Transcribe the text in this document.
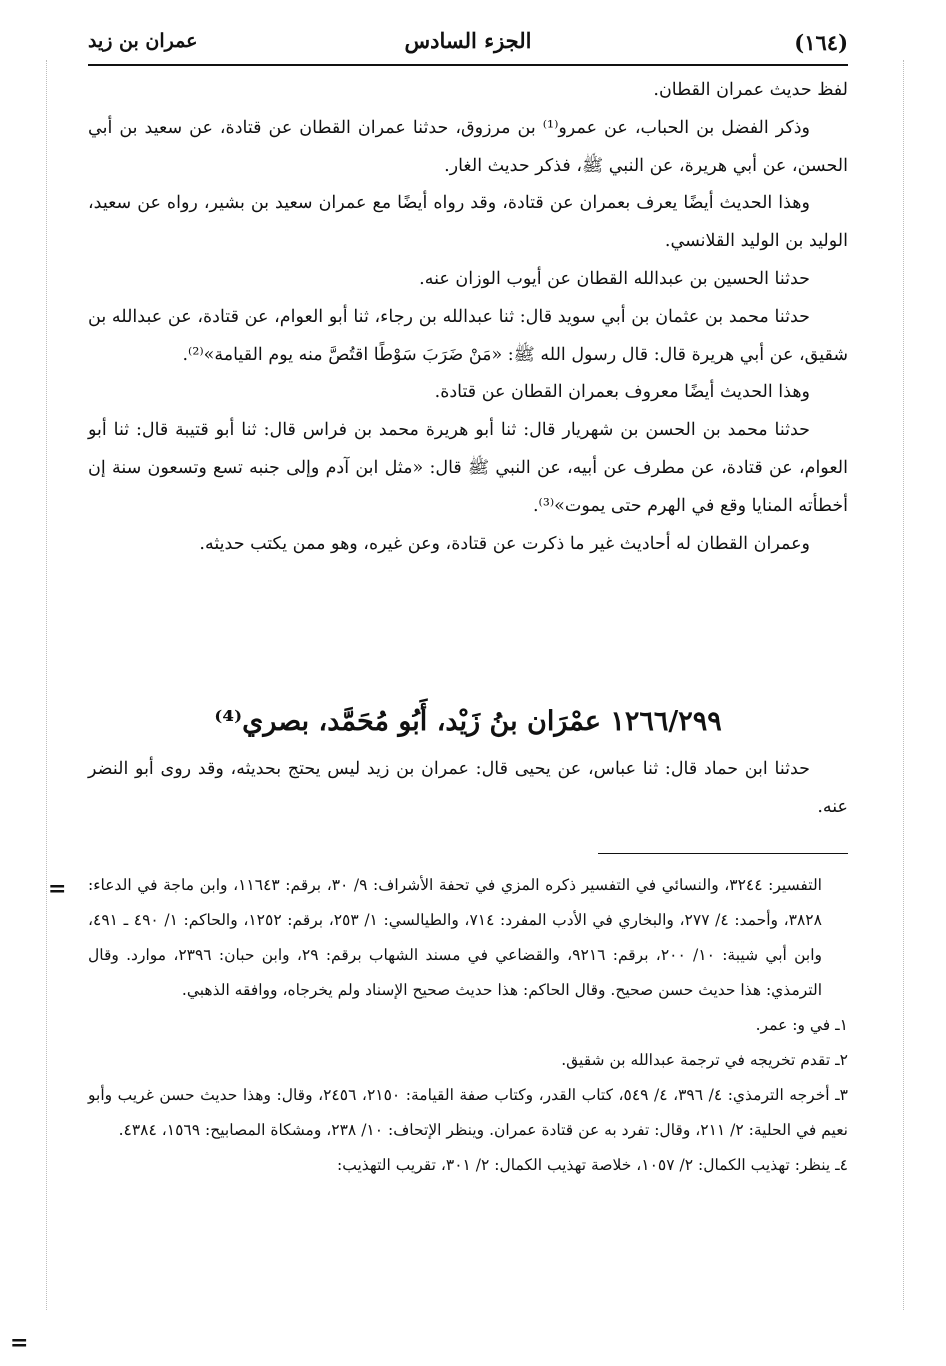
(١٦٤)
الجزء السادس
عمران بن زيد

لفظ حديث عمران القطان.

وذكر الفضل بن الحباب، عن عمرو⁽¹⁾ بن مرزوق، حدثنا عمران القطان عن قتادة، عن سعيد بن أبي الحسن، عن أبي هريرة، عن النبي ﷺ، فذكر حديث الغار.

وهذا الحديث أيضًا يعرف بعمران عن قتادة، وقد رواه أيضًا مع عمران سعيد بن بشير، رواه عن سعيد، الوليد بن الوليد القلانسي.

حدثنا الحسين بن عبدالله القطان عن أيوب الوزان عنه.

حدثنا محمد بن عثمان بن أبي سويد قال: ثنا عبدالله بن رجاء، ثنا أبو العوام، عن قتادة، عن عبدالله بن شقيق، عن أبي هريرة قال: قال رسول الله ﷺ: «مَنْ ضَرَبَ سَوْطًا اقتُصَّ منه يوم القيامة»⁽²⁾.

وهذا الحديث أيضًا معروف بعمران القطان عن قتادة.

حدثنا محمد بن الحسن بن شهريار قال: ثنا أبو هريرة محمد بن فراس قال: ثنا أبو قتيبة قال: ثنا أبو العوام، عن قتادة، عن مطرف عن أبيه، عن النبي ﷺ قال: «مثل ابن آدم وإلى جنبه تسع وتسعون سنة إن أخطأته المنايا وقع في الهرم حتى يموت»⁽³⁾.

وعمران القطان له أحاديث غير ما ذكرت عن قتادة، وعن غيره، وهو ممن يكتب حديثه.

١٢٦٦/٢٩٩ عمْرَان بنُ زَيْد، أَبُو مُحَمَّد، بصري⁽⁴⁾

حدثنا ابن حماد قال: ثنا عباس، عن يحيى قال: عمران بن زيد ليس يحتج بحديثه، وقد روى أبو النضر عنه.

= التفسير: ٣٢٤٤، والنسائي في التفسير ذكره المزي في تحفة الأشراف: ٩/ ٣٠، برقم: ١١٦٤٣، وابن ماجة في الدعاء: ٣٨٢٨، وأحمد: ٤/ ٢٧٧، والبخاري في الأدب المفرد: ٧١٤، والطيالسي: ١/ ٢٥٣، برقم: ١٢٥٢، والحاكم: ١/ ٤٩٠ ـ ٤٩١، وابن أبي شيبة: ١٠/ ٢٠٠، برقم: ٩٢١٦، والقضاعي في مسند الشهاب برقم: ٢٩، وابن حبان: ٢٣٩٦، موارد. وقال الترمذي: هذا حديث حسن صحيح. وقال الحاكم: هذا حديث صحيح الإسناد ولم يخرجاه، ووافقه الذهبي.

١ـ في و: عمر.

٢ـ تقدم تخريجه في ترجمة عبدالله بن شقيق.

٣ـ أخرجه الترمذي: ٤/ ٣٩٦، ٤/ ٥٤٩، كتاب القدر، وكتاب صفة القيامة: ٢١٥٠، ٢٤٥٦، وقال: وهذا حديث حسن غريب وأبو نعيم في الحلية: ٢/ ٢١١، وقال: تفرد به عن قتادة عمران. وينظر الإتحاف: ١٠/ ٢٣٨، ومشكاة المصابيح: ١٥٦٩، ٤٣٨٤.

٤ـ ينظر: تهذيب الكمال: ٢/ ١٠٥٧، خلاصة تهذيب الكمال: ٢/ ٣٠١، تقريب التهذيب:

=
